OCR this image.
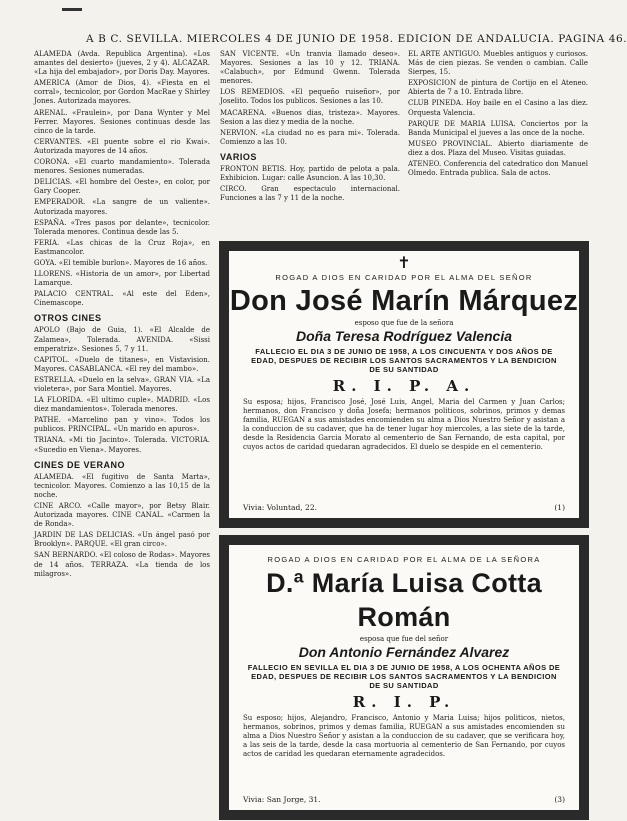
A B C. SEVILLA. MIERCOLES 4 DE JUNIO DE 1958. EDICION DE ANDALUCIA. PAGINA 46.
ALAMEDA (Avda. Republica Argentina). «Los amantes del desierto» (jueves, 2 y 4). ALCAZAR. «La hija del embajador», por Doris Day. Mayores.
AMERICA (Amor de Dios, 4). «Fiesta en el corral», tecnicolor, por Gordon MacRae y Shirley Jones. Autorizada mayores.
ARENAL. «Fraulein», por Dana Wynter y Mel Ferrer. Mayores. Sesiones continuas desde las cinco de la tarde.
CERVANTES. «El puente sobre el rio Kwai». Autorizada mayores de 14 años.
CORONA. «El cuarto mandamiento». Tolerada menores. Sesiones numeradas.
DELICIAS. «El hombre del Oeste», en color, por Gary Cooper.
EMPERADOR. «La sangre de un valiente». Autorizada mayores.
ESPAÑA. «Tres pasos por delante», tecnicolor. Tolerada menores. Continua desde las 5.
FERIA. «Las chicas de la Cruz Roja», en Eastmancolor.
GOYA. «El temible burlon». Mayores de 16 años.
LLORENS. «Historia de un amor», por Libertad Lamarque.
PALACIO CENTRAL. «Al este del Eden», Cinemascope.
OTROS CINES
APOLO (Bajo de Guia, 1). «El Alcalde de Zalamea», Tolerada. AVENIDA. «Sissi emperatriz». Sesiones 5, 7 y 11.
CAPITOL. «Duelo de titanes», en Vistavision. Mayores. CASABLANCA. «El rey del mambo».
ESTRELLA. «Duelo en la selva». GRAN VIA. «La violetera», por Sara Montiel. Mayores.
LA FLORIDA. «El ultimo cuple». MADRID. «Los diez mandamientos». Tolerada menores.
PATHE. «Marcelino pan y vino». Todos los publicos. PRINCIPAL. «Un marido en apuros».
TRIANA. «Mi tio Jacinto». Tolerada. VICTORIA. «Sucedio en Viena». Mayores.
CINES DE VERANO
ALAMEDA. «El fugitivo de Santa Marta», tecnicolor. Mayores. Comienzo a las 10,15 de la noche.
CINE ARCO. «Calle mayor», por Betsy Blair. Autorizada mayores. CINE CANAL. «Carmen la de Ronda».
JARDIN DE LAS DELICIAS. «Un ángel pasó por Brooklyn». PARQUE. «El gran circo».
SAN BERNARDO. «El coloso de Rodas». Mayores de 14 años. TERRAZA. «La tienda de los milagros».
SAN VICENTE. «Un tranvia llamado deseo». Mayores. Sesiones a las 10 y 12. TRIANA. «Calabuch», por Edmund Gwenn. Tolerada menores.
LOS REMEDIOS. «El pequeño ruiseñor», por Joselito. Todos los publicos. Sesiones a las 10.
MACARENA. «Buenos dias, tristeza». Mayores. Sesion a las diez y media de la noche.
NERVION. «La ciudad no es para mi». Tolerada. Comienzo a las 10.
VARIOS
FRONTON BETIS. Hoy, partido de pelota a pala. Exhibicion. Lugar: calle Asuncion. A las 10,30.
CIRCO. Gran espectaculo internacional. Funciones a las 7 y 11 de la noche.
EL ARTE ANTIGUO. Muebles antiguos y curiosos. Más de cien piezas. Se venden o cambian. Calle Sierpes, 15.
EXPOSICION de pintura de Cortijo en el Ateneo. Abierta de 7 a 10. Entrada libre.
CLUB PINEDA. Hoy baile en el Casino a las diez. Orquesta Valencia.
PARQUE DE MARIA LUISA. Conciertos por la Banda Municipal el jueves a las once de la noche.
MUSEO PROVINCIAL. Abierto diariamente de diez a dos. Plaza del Museo. Visitas guiadas.
ATENEO. Conferencia del catedratico don Manuel Olmedo. Entrada publica. Sala de actos.
✝
ROGAD A DIOS EN CARIDAD POR EL ALMA DEL SEÑOR
Don José Marín Márquez
esposo que fue de la señora
Doña Teresa Rodríguez Valencia
FALLECIO EL DIA 3 DE JUNIO DE 1958, A LOS CINCUENTA Y DOS AÑOS DE EDAD, DESPUES DE RECIBIR LOS SANTOS SACRAMENTOS Y LA BENDICION DE SU SANTIDAD
R. I. P. A.
Su esposa; hijos, Francisco José, José Luis, Angel, Maria del Carmen y Juan Carlos; hermanos, don Francisco y doña Josefa; hermanos politicos, sobrinos, primos y demas familia, RUEGAN a sus amistades encomienden su alma a Dios Nuestro Señor y asistan a la conduccion de su cadaver, que ha de tener lugar hoy miercoles, a las siete de la tarde, desde la Residencia Garcia Morato al cementerio de San Fernando, de esta capital, por cuyos actos de caridad quedaran agradecidos. El duelo se despide en el cementerio.
Vivia: Voluntad, 22.	(1)
ROGAD A DIOS EN CARIDAD POR EL ALMA DE LA SEÑORA
D.ª María Luisa Cotta Román
esposa que fue del señor
Don Antonio Fernández Alvarez
FALLECIO EN SEVILLA EL DIA 3 DE JUNIO DE 1958, A LOS OCHENTA AÑOS DE EDAD, DESPUES DE RECIBIR LOS SANTOS SACRAMENTOS Y LA BENDICION DE SU SANTIDAD
R. I. P.
Su esposo; hijos, Alejandro, Francisco, Antonio y Maria Luisa; hijos politicos, nietos, hermanos, sobrinos, primos y demas familia, RUEGAN a sus amistades encomienden su alma a Dios Nuestro Señor y asistan a la conduccion de su cadaver, que se verificara hoy, a las seis de la tarde, desde la casa mortuoria al cementerio de San Fernando, por cuyos actos de caridad les quedaran eternamente agradecidos.
Vivia: San Jorge, 31.	(3)
